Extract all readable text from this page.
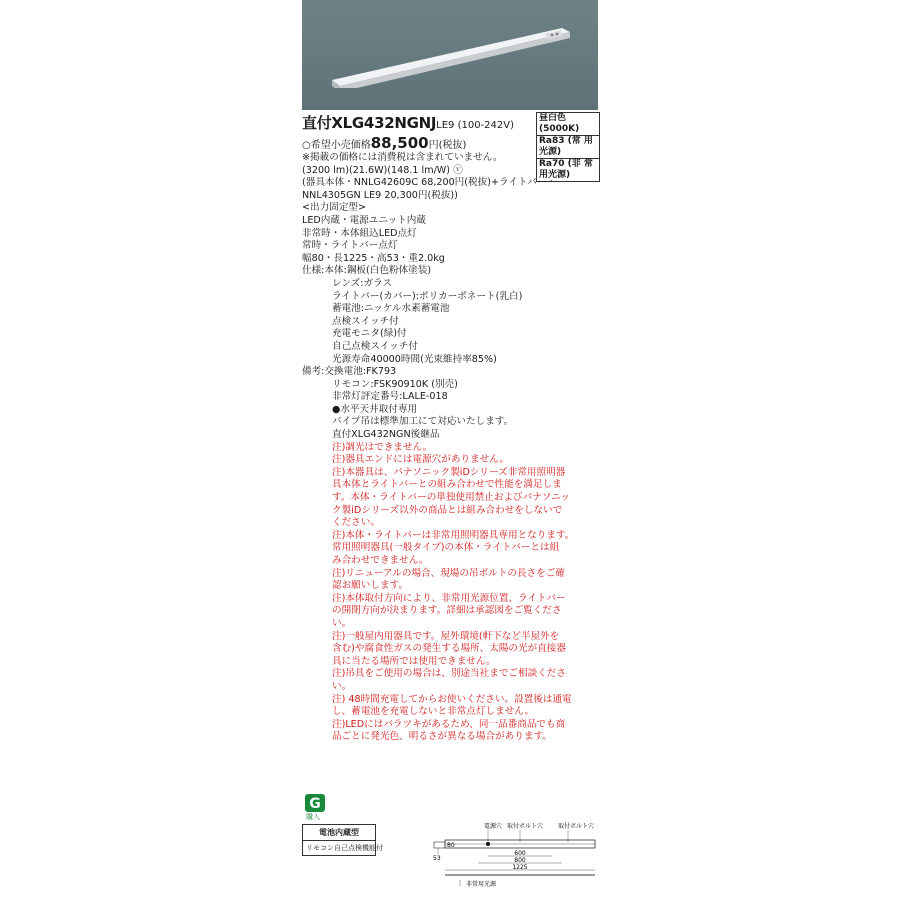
直付XLG432NGNJLE9 (100-242V)
昼白色(5000K)
Ra83 (常 用光源)
Ra70 (非 常用光源)
○希望小売価格88,500円(税抜)
※掲載の価格には消費税は含まれていません。
(3200 lm)(21.6W)(148.1 lm/W) ⓥ
(器具本体・NNLG42609C 68,200円(税抜)+ライトバー・
NNL4305GN LE9 20,300円(税抜))
<出力固定型>
LED内蔵・電源ユニット内蔵
非常時・本体組込LED点灯
常時・ライトバー点灯
幅80・長1225・高53・重2.0kg
仕様:本体:鋼板(白色粉体塗装)
レンズ:ガラス
ライトバー(カバー):ポリカーボネート(乳白)
蓄電池:ニッケル水素蓄電池
点検スイッチ付
充電モニタ(緑)付
自己点検スイッチ付
光源寿命40000時間(光束維持率85%)
備考:交換電池:FK793
リモコン:FSK90910K (別売)
非常灯評定番号:LALE-018
●水平天井取付専用
パイプ吊は標準加工にて対応いたします。
直付XLG432NGN後継品
注)調光はできません。
注)器具エンドには電源穴がありません。
注)本器具は、パナソニック製iDシリーズ非常用照明器
具本体とライトバーとの組み合わせで性能を満足しま
す。本体・ライトバーの単独使用禁止およびパナソニッ
ク製iDシリーズ以外の商品とは組み合わせをしないで
ください。
注)本体・ライトバーは非常用照明器具専用となります。
常用照明器具(一般タイプ)の本体・ライトバーとは組
み合わせできません。
注)リニューアルの場合、現場の吊ボルトの長さをご確
認お願いします。
注)本体取付方向により、非常用光源位置、ライトバー
の開閉方向が決まります。詳細は承認図をご覧くださ
い。
注)一般屋内用器具です。屋外環境(軒下など半屋外を
含む)や腐食性ガスの発生する場所、太陽の光が直接器
具に当たる場所では使用できません。
注)吊具をご使用の場合は、別途当社までご相談くださ
い。
注) 48時間充電してからお使いください。設置後は通電
し、蓄電池を充電しないと非常点灯しません。
注)LEDにはバラツキがあるため、同一品番商品でも商
品ごとに発光色、明るさが異なる場合があります。
G
購入
電池内蔵型
リモコン自己点検機能付
電源穴 取付ボルト穴 取付ボルト穴
80
53
600
800
1225
非常用光源
